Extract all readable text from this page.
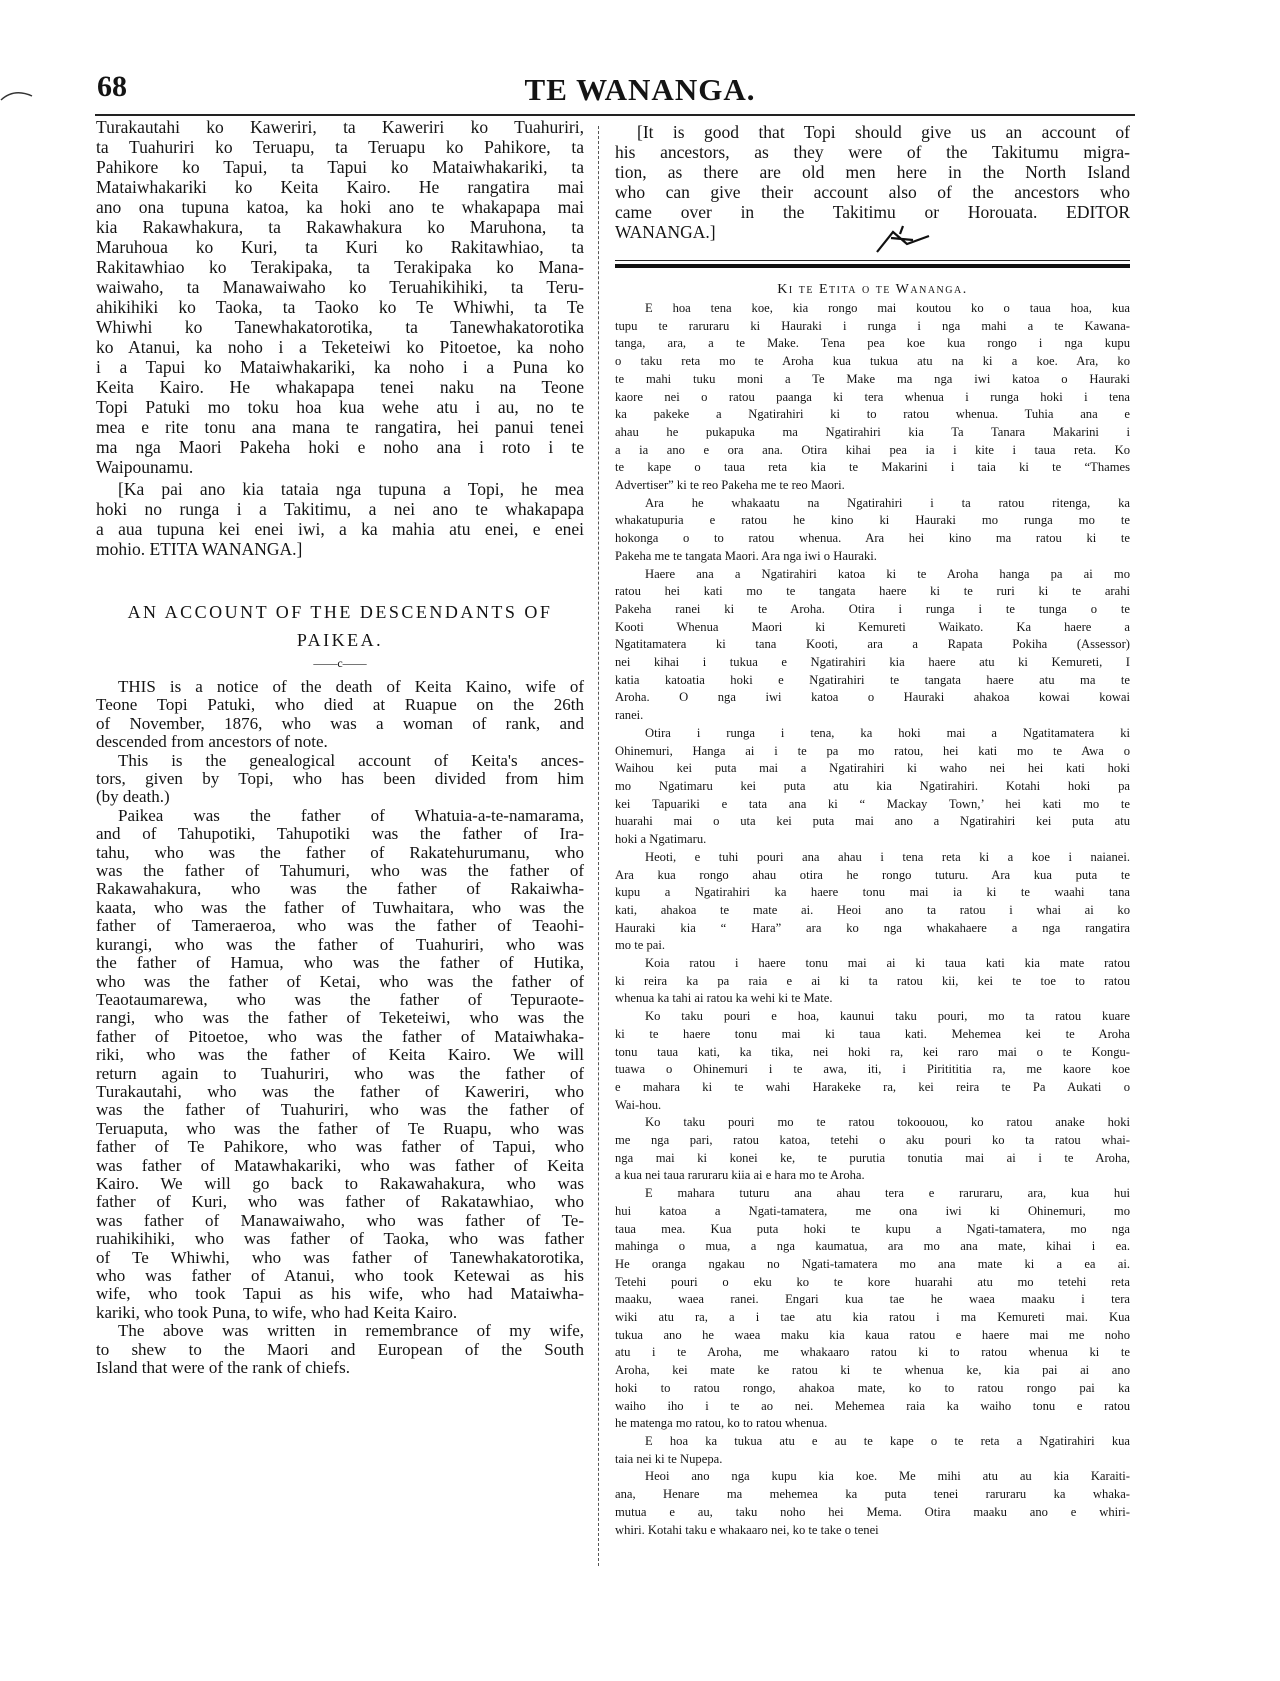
68	TE WANANGA.
Turakautahi ko Kaweriri, ta Kaweriri ko Tuahuriri,
ta Tuahuriri ko Teruapu, ta Teruapu ko Pahikore, ta
Pahikore ko Tapui, ta Tapui ko Mataiwhakariki, ta
Mataiwhakariki ko Keita Kairo. He rangatira mai
ano ona tupuna katoa, ka hoki ano te whakapapa mai
kia Rakawhakura, ta Rakawhakura ko Maruhona, ta
Maruhoua ko Kuri, ta Kuri ko Rakitawhiao, ta
Rakitawhiao ko Terakipaka, ta Terakipaka ko Mana-
waiwaho, ta Manawaiwaho ko Teruahikihiki, ta Teru-
ahikihiki ko Taoka, ta Taoko ko Te Whiwhi, ta Te
Whiwhi ko Tanewhakatorotika, ta Tanewhakatorotika
ko Atanui, ka noho i a Teketeiwi ko Pitoetoe, ka noho
i a Tapui ko Mataiwhakariki, ka noho i a Puna ko
Keita Kairo. He whakapapa tenei naku na Teone
Topi Patuki mo toku hoa kua wehe atu i au, no te
mea e rite tonu ana mana te rangatira, hei panui tenei
ma nga Maori Pakeha hoki e noho ana i roto i te
Waipounamu.
[Ka pai ano kia tataia nga tupuna a Topi, he mea
hoki no runga i a Takitimu, a nei ano te whakapapa
a aua tupuna kei enei iwi, a ka mahia atu enei, e enei
mohio. ETITA WANANGA.]
AN ACCOUNT OF THE DESCENDANTS OF
PAIKEA.
——c——
THIS is a notice of the death of Keita Kaino, wife of
Teone Topi Patuki, who died at Ruapue on the 26th
of November, 1876, who was a woman of rank, and
descended from ancestors of note.
This is the genealogical account of Keita's ances-
tors, given by Topi, who has been divided from him
(by death.)
Paikea was the father of Whatuia-a-te-namarama,
and of Tahupotiki, Tahupotiki was the father of Ira-
tahu, who was the father of Rakatehurumanu, who
was the father of Tahumuri, who was the father of
Rakawahakura, who was the father of Rakaiwha-
kaata, who was the father of Tuwhaitara, who was the
father of Tameraeroa, who was the father of Teaohi-
kurangi, who was the father of Tuahuriri, who was
the father of Hamua, who was the father of Hutika,
who was the father of Ketai, who was the father of
Teaotaumarewa, who was the father of Tepuraote-
rangi, who was the father of Teketeiwi, who was the
father of Pitoetoe, who was the father of Mataiwhaka-
riki, who was the father of Keita Kairo. We will
return again to Tuahuriri, who was the father of
Turakautahi, who was the father of Kaweriri, who
was the father of Tuahuriri, who was the father of
Teruaputa, who was the father of Te Ruapu, who was
father of Te Pahikore, who was father of Tapui, who
was father of Matawhakariki, who was father of Keita
Kairo. We will go back to Rakawahakura, who was
father of Kuri, who was father of Rakatawhiao, who
was father of Manawaiwaho, who was father of Te-
ruahikihiki, who was father of Taoka, who was father
of Te Whiwhi, who was father of Tanewhakatorotika,
who was father of Atanui, who took Ketewai as his
wife, who took Tapui as his wife, who had Mataiwha-
kariki, who took Puna, to wife, who had Keita Kairo.
The above was written in remembrance of my wife,
to shew to the Maori and European of the South
Island that were of the rank of chiefs.
[It is good that Topi should give us an account of
his ancestors, as they were of the Takitumu migra-
tion, as there are old men here in the North Island
who can give their account also of the ancestors who
came over in the Takitimu or Horouata. EDITOR
WANANGA.]
Ki te Etita o te Wananga.
E hoa tena koe, kia rongo mai koutou ko o taua hoa, kua
tupu te raruraru ki Hauraki i runga i nga mahi a te Kawana-
tanga, ara, a te Make. Tena pea koe kua rongo i nga kupu
o taku reta mo te Aroha kua tukua atu na ki a koe. Ara, ko
te mahi tuku moni a Te Make ma nga iwi katoa o Hauraki
kaore nei o ratou paanga ki tera whenua i runga hoki i tena
ka pakeke a Ngatirahiri ki to ratou whenua. Tuhia ana e
ahau he pukapuka ma Ngatirahiri kia Ta Tanara Makarini i
a ia ano e ora ana. Otira kihai pea ia i kite i taua reta. Ko
te kape o taua reta kia te Makarini i taia ki te “Thames
Advertiser” ki te reo Pakeha me te reo Maori.
Ara he whakaatu na Ngatirahiri i ta ratou ritenga, ka
whakatupuria e ratou he kino ki Hauraki mo runga mo te
hokonga o to ratou whenua. Ara hei kino ma ratou ki te
Pakeha me te tangata Maori. Ara nga iwi o Hauraki.
Haere ana a Ngatirahiri katoa ki te Aroha hanga pa ai mo
ratou hei kati mo te tangata haere ki te ruri ki te arahi
Pakeha ranei ki te Aroha. Otira i runga i te tunga o te
Kooti Whenua Maori ki Kemureti Waikato. Ka haere a
Ngatitamatera ki tana Kooti, ara a Rapata Pokiha (Assessor)
nei kihai i tukua e Ngatirahiri kia haere atu ki Kemureti, I
katia katoatia hoki e Ngatirahiri te tangata haere atu ma te
Aroha. O nga iwi katoa o Hauraki ahakoa kowai kowai
ranei.
Otira i runga i tena, ka hoki mai a Ngatitamatera ki
Ohinemuri, Hanga ai i te pa mo ratou, hei kati mo te Awa o
Waihou kei puta mai a Ngatirahiri ki waho nei hei kati hoki
mo Ngatimaru kei puta atu kia Ngatirahiri. Kotahi hoki pa
kei Tapuariki e tata ana ki “ Mackay Town,’ hei kati mo te
huarahi mai o uta kei puta mai ano a Ngatirahiri kei puta atu
hoki a Ngatimaru.
Heoti, e tuhi pouri ana ahau i tena reta ki a koe i naianei.
Ara kua rongo ahau otira he rongo tuturu. Ara kua puta te
kupu a Ngatirahiri ka haere tonu mai ia ki te waahi tana
kati, ahakoa te mate ai. Heoi ano ta ratou i whai ai ko
Hauraki kia “ Hara” ara ko nga whakahaere a nga rangatira
mo te pai.
Koia ratou i haere tonu mai ai ki taua kati kia mate ratou
ki reira ka pa raia e ai ki ta ratou kii, kei te toe to ratou
whenua ka tahi ai ratou ka wehi ki te Mate.
Ko taku pouri e hoa, kaunui taku pouri, mo ta ratou kuare
ki te haere tonu mai ki taua kati. Mehemea kei te Aroha
tonu taua kati, ka tika, nei hoki ra, kei raro mai o te Kongu-
tuawa o Ohinemuri i te awa, iti, i Piritititia ra, me kaore koe
e mahara ki te wahi Harakeke ra, kei reira te Pa Aukati o
Wai-hou.
Ko taku pouri mo te ratou tokoouou, ko ratou anake hoki
me nga pari, ratou katoa, tetehi o aku pouri ko ta ratou whai-
nga mai ki konei ke, te purutia tonutia mai ai i te Aroha,
a kua nei taua raruraru kiia ai e hara mo te Aroha.
E mahara tuturu ana ahau tera e raruraru, ara, kua hui
hui katoa a Ngati-tamatera, me ona iwi ki Ohinemuri, mo
taua mea. Kua puta hoki te kupu a Ngati-tamatera, mo nga
mahinga o mua, a nga kaumatua, ara mo ana mate, kihai i ea.
He oranga ngakau no Ngati-tamatera mo ana mate ki a ea ai.
Tetehi pouri o eku ko te kore huarahi atu mo tetehi reta
maaku, waea ranei. Engari kua tae he waea maaku i tera
wiki atu ra, a i tae atu kia ratou i ma Kemureti mai. Kua
tukua ano he waea maku kia kaua ratou e haere mai me noho
atu i te Aroha, me whakaaro ratou ki to ratou whenua ki te
Aroha, kei mate ke ratou ki te whenua ke, kia pai ai ano
hoki to ratou rongo, ahakoa mate, ko to ratou rongo pai ka
waiho iho i te ao nei. Mehemea raia ka waiho tonu e ratou
he matenga mo ratou, ko to ratou whenua.
E hoa ka tukua atu e au te kape o te reta a Ngatirahiri kua
taia nei ki te Nupepa.
Heoi ano nga kupu kia koe. Me mihi atu au kia Karaiti-
ana, Henare ma mehemea ka puta tenei raruraru ka whaka-
mutua e au, taku noho hei Mema. Otira maaku ano e whiri-
whiri. Kotahi taku e whakaaro nei, ko te take o tenei
